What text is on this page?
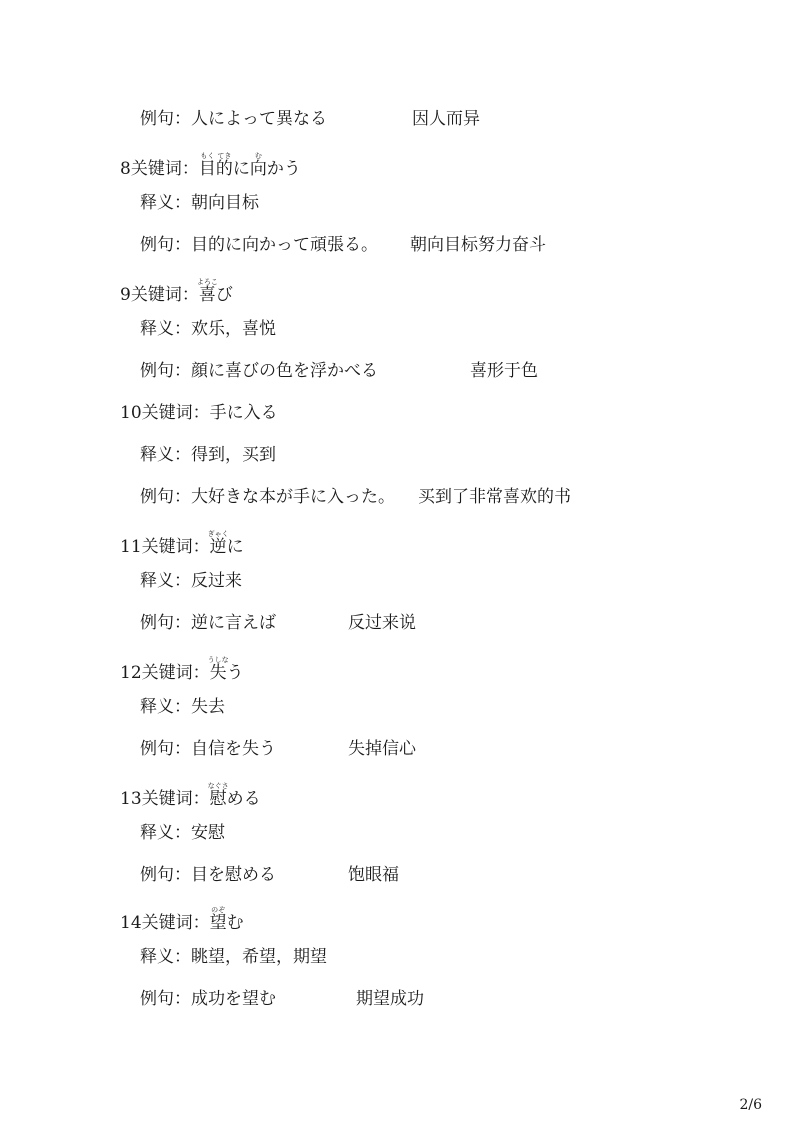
例句：人によって異なる	因人而异
8关键词：目もく的てきに向むかう
释义：朝向目标
例句：目的に向かって頑張る。 朝向目标努力奋斗
9关键词：喜よろこび
释义：欢乐，喜悦
例句：顔に喜びの色を浮かべる	喜形于色
10关键词：手に入る
释义：得到，买到
例句：大好きな本が手に入った。 买到了非常喜欢的书
11关键词：逆ぎゃくに
释义：反过来
例句：逆に言えば	反过来说
12关键词：失うしなう
释义：失去
例句：自信を失う	失掉信心
13关键词：慰なぐさめる
释义：安慰
例句：目を慰める	饱眼福
14关键词：望のぞむ
释义：眺望，希望，期望
例句：成功を望む	期望成功
2/6
